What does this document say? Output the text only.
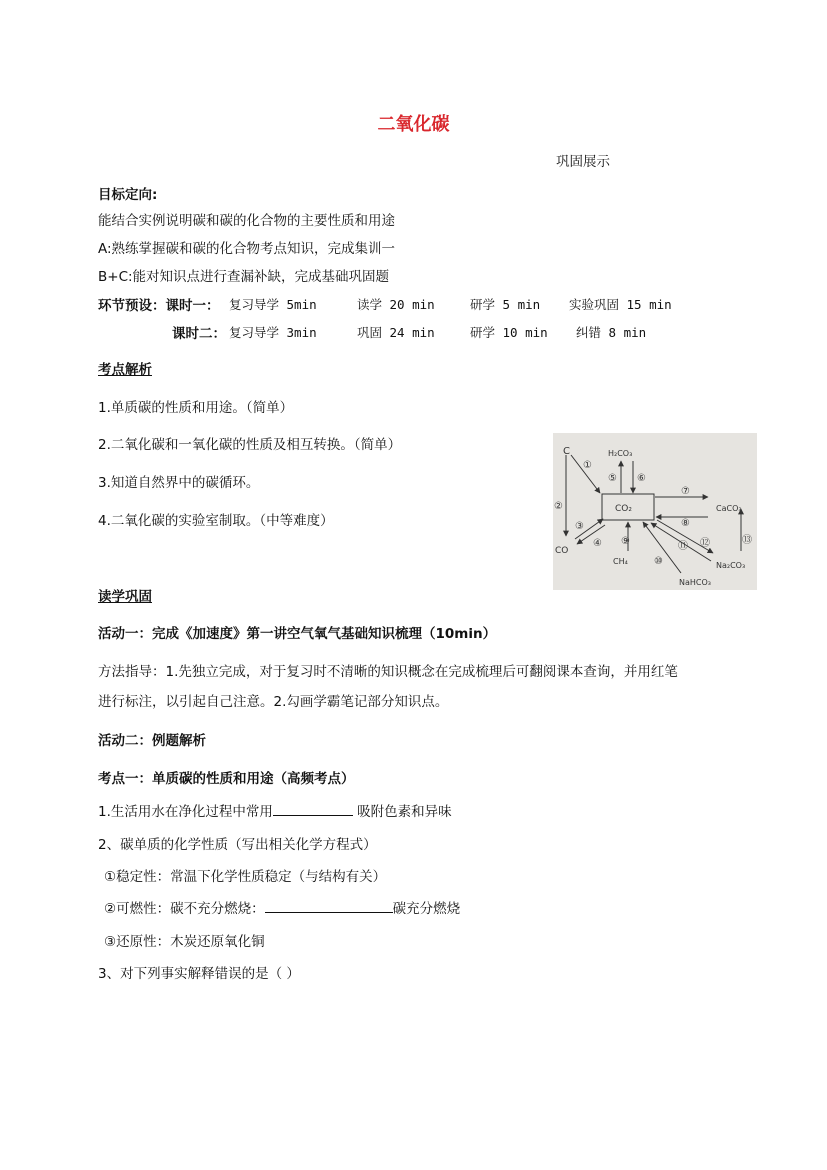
二氧化碳
巩固展示
目标定向:
能结合实例说明碳和碳的化合物的主要性质和用途
A:熟练掌握碳和碳的化合物考点知识，完成集训一
B+C:能对知识点进行查漏补缺，完成基础巩固题
环节预设：课时一： 复习导学 5min	读学 20 min	研学 5 min 实验巩固 15 min
课时二： 复习导学 3min	巩固 24 min	研学 10 min 纠错 8 min
考点解析
1.单质碳的性质和用途。（简单）
2.二氧化碳和一氧化碳的性质及相互转换。（简单）
3.知道自然界中的碳循环。
4.二氧化碳的实验室制取。（中等难度）
C	H₂CO₃
CO₂	CaCO₃
CO
CH₄
NaHCO₃
Na₂CO₃
①
②
③
④
⑤ ⑥
⑦
⑧
⑨
⑩
⑪ ⑫	⑬
读学巩固
活动一：完成《加速度》第一讲空气氧气基础知识梳理（10min）
方法指导：1.先独立完成，对于复习时不清晰的知识概念在完成梳理后可翻阅课本查询，并用红笔
进行标注，以引起自己注意。2.勾画学霸笔记部分知识点。
活动二：例题解析
考点一：单质碳的性质和用途（高频考点）
1.生活用水在净化过程中常用	吸附色素和异味
2、碳单质的化学性质（写出相关化学方程式）
①稳定性：常温下化学性质稳定（与结构有关）
②可燃性：碳不充分燃烧：	碳充分燃烧
③还原性：木炭还原氧化铜
3、对下列事实解释错误的是（ ）
